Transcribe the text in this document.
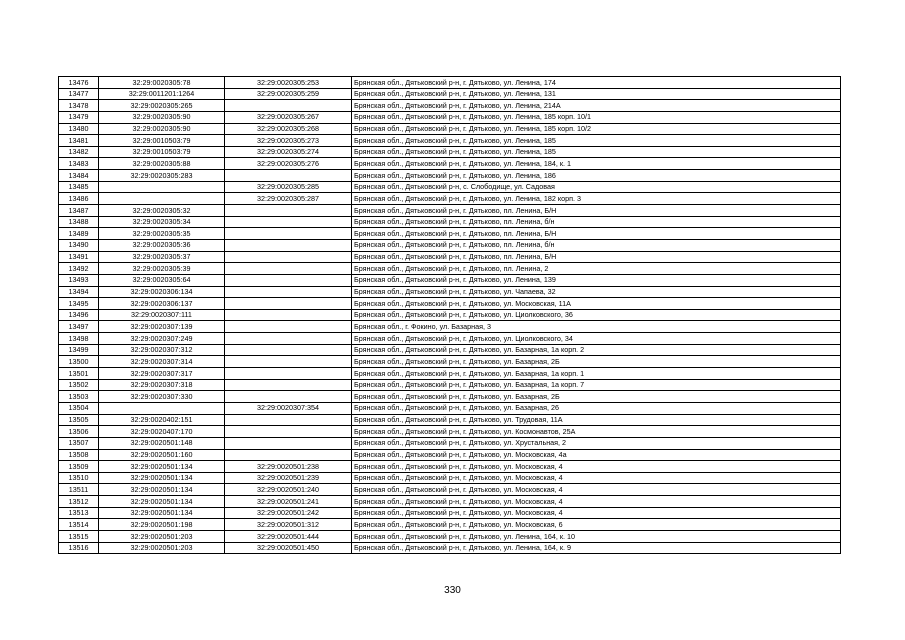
13476	32:29:0020305:78	32:29:0020305:253	Брянская обл., Дятьковский р-н, г. Дятьково, ул. Ленина, 174
13477	32:29:0011201:1264	32:29:0020305:259	Брянская обл., Дятьковский р-н, г. Дятьково, ул. Ленина, 131
13478	32:29:0020305:265		Брянская обл., Дятьковский р-н, г. Дятьково, ул. Ленина, 214А
13479	32:29:0020305:90	32:29:0020305:267	Брянская обл., Дятьковский р-н, г. Дятьково, ул. Ленина, 185 корп. 10/1
13480	32:29:0020305:90	32:29:0020305:268	Брянская обл., Дятьковский р-н, г. Дятьково, ул. Ленина, 185 корп. 10/2
13481	32:29:0010503:79	32:29:0020305:273	Брянская обл., Дятьковский р-н, г. Дятьково, ул. Ленина, 185
13482	32:29:0010503:79	32:29:0020305:274	Брянская обл., Дятьковский р-н, г. Дятьково, ул. Ленина, 185
13483	32:29:0020305:88	32:29:0020305:276	Брянская обл., Дятьковский р-н, г. Дятьково, ул. Ленина, 184, к. 1
13484	32:29:0020305:283		Брянская обл., Дятьковский р-н, г. Дятьково, ул. Ленина, 186
13485		32:29:0020305:285	Брянская обл., Дятьковский р-н, с. Слободище, ул. Садовая
13486		32:29:0020305:287	Брянская обл., Дятьковский р-н, г. Дятьково, ул. Ленина, 182 корп. 3
13487	32:29:0020305:32		Брянская обл., Дятьковский р-н, г. Дятьково, пл. Ленина, Б/Н
13488	32:29:0020305:34		Брянская обл., Дятьковский р-н, г. Дятьково, пл. Ленина, б/н
13489	32:29:0020305:35		Брянская обл., Дятьковский р-н, г. Дятьково, пл. Ленина, Б/Н
13490	32:29:0020305:36		Брянская обл., Дятьковский р-н, г. Дятьково, пл. Ленина, б/н
13491	32:29:0020305:37		Брянская обл., Дятьковский р-н, г. Дятьково, пл. Ленина, Б/Н
13492	32:29:0020305:39		Брянская обл., Дятьковский р-н, г. Дятьково, пл. Ленина, 2
13493	32:29:0020305:64		Брянская обл., Дятьковский р-н, г. Дятьково, ул. Ленина, 139
13494	32:29:0020306:134		Брянская обл., Дятьковский р-н, г. Дятьково, ул. Чапаева, 32
13495	32:29:0020306:137		Брянская обл., Дятьковский р-н, г. Дятьково, ул. Московская, 11А
13496	32:29:0020307:111		Брянская обл., Дятьковский р-н, г. Дятьково, ул. Циолковского, 36
13497	32:29:0020307:139		Брянская обл., г. Фокино, ул. Базарная, 3
13498	32:29:0020307:249		Брянская обл., Дятьковский р-н, г. Дятьково, ул. Циолковского, 34
13499	32:29:0020307:312		Брянская обл., Дятьковский р-н, г. Дятьково, ул. Базарная, 1а корп. 2
13500	32:29:0020307:314		Брянская обл., Дятьковский р-н, г. Дятьково, ул. Базарная, 2Б
13501	32:29:0020307:317		Брянская обл., Дятьковский р-н, г. Дятьково, ул. Базарная, 1а корп. 1
13502	32:29:0020307:318		Брянская обл., Дятьковский р-н, г. Дятьково, ул. Базарная, 1а корп. 7
13503	32:29:0020307:330		Брянская обл., Дятьковский р-н, г. Дятьково, ул. Базарная, 2Б
13504		32:29:0020307:354	Брянская обл., Дятьковский р-н, г. Дятьково, ул. Базарная, 26
13505	32:29:0020402:151		Брянская обл., Дятьковский р-н, г. Дятьково, ул. Трудовая, 11А
13506	32:29:0020407:170		Брянская обл., Дятьковский р-н, г. Дятьково, ул. Космонавтов, 25А
13507	32:29:0020501:148		Брянская обл., Дятьковский р-н, г. Дятьково, ул. Хрустальная, 2
13508	32:29:0020501:160		Брянская обл., Дятьковский р-н, г. Дятьково, ул. Московская, 4а
13509	32:29:0020501:134	32:29:0020501:238	Брянская обл., Дятьковский р-н, г. Дятьково, ул. Московская, 4
13510	32:29:0020501:134	32:29:0020501:239	Брянская обл., Дятьковский р-н, г. Дятьково, ул. Московская, 4
13511	32:29:0020501:134	32:29:0020501:240	Брянская обл., Дятьковский р-н, г. Дятьково, ул. Московская, 4
13512	32:29:0020501:134	32:29:0020501:241	Брянская обл., Дятьковский р-н, г. Дятьково, ул. Московская, 4
13513	32:29:0020501:134	32:29:0020501:242	Брянская обл., Дятьковский р-н, г. Дятьково, ул. Московская, 4
13514	32:29:0020501:198	32:29:0020501:312	Брянская обл., Дятьковский р-н, г. Дятьково, ул. Московская, 6
13515	32:29:0020501:203	32:29:0020501:444	Брянская обл., Дятьковский р-н, г. Дятьково, ул. Ленина, 164, к. 10
13516	32:29:0020501:203	32:29:0020501:450	Брянская обл., Дятьковский р-н, г. Дятьково, ул. Ленина, 164, к. 9
330
